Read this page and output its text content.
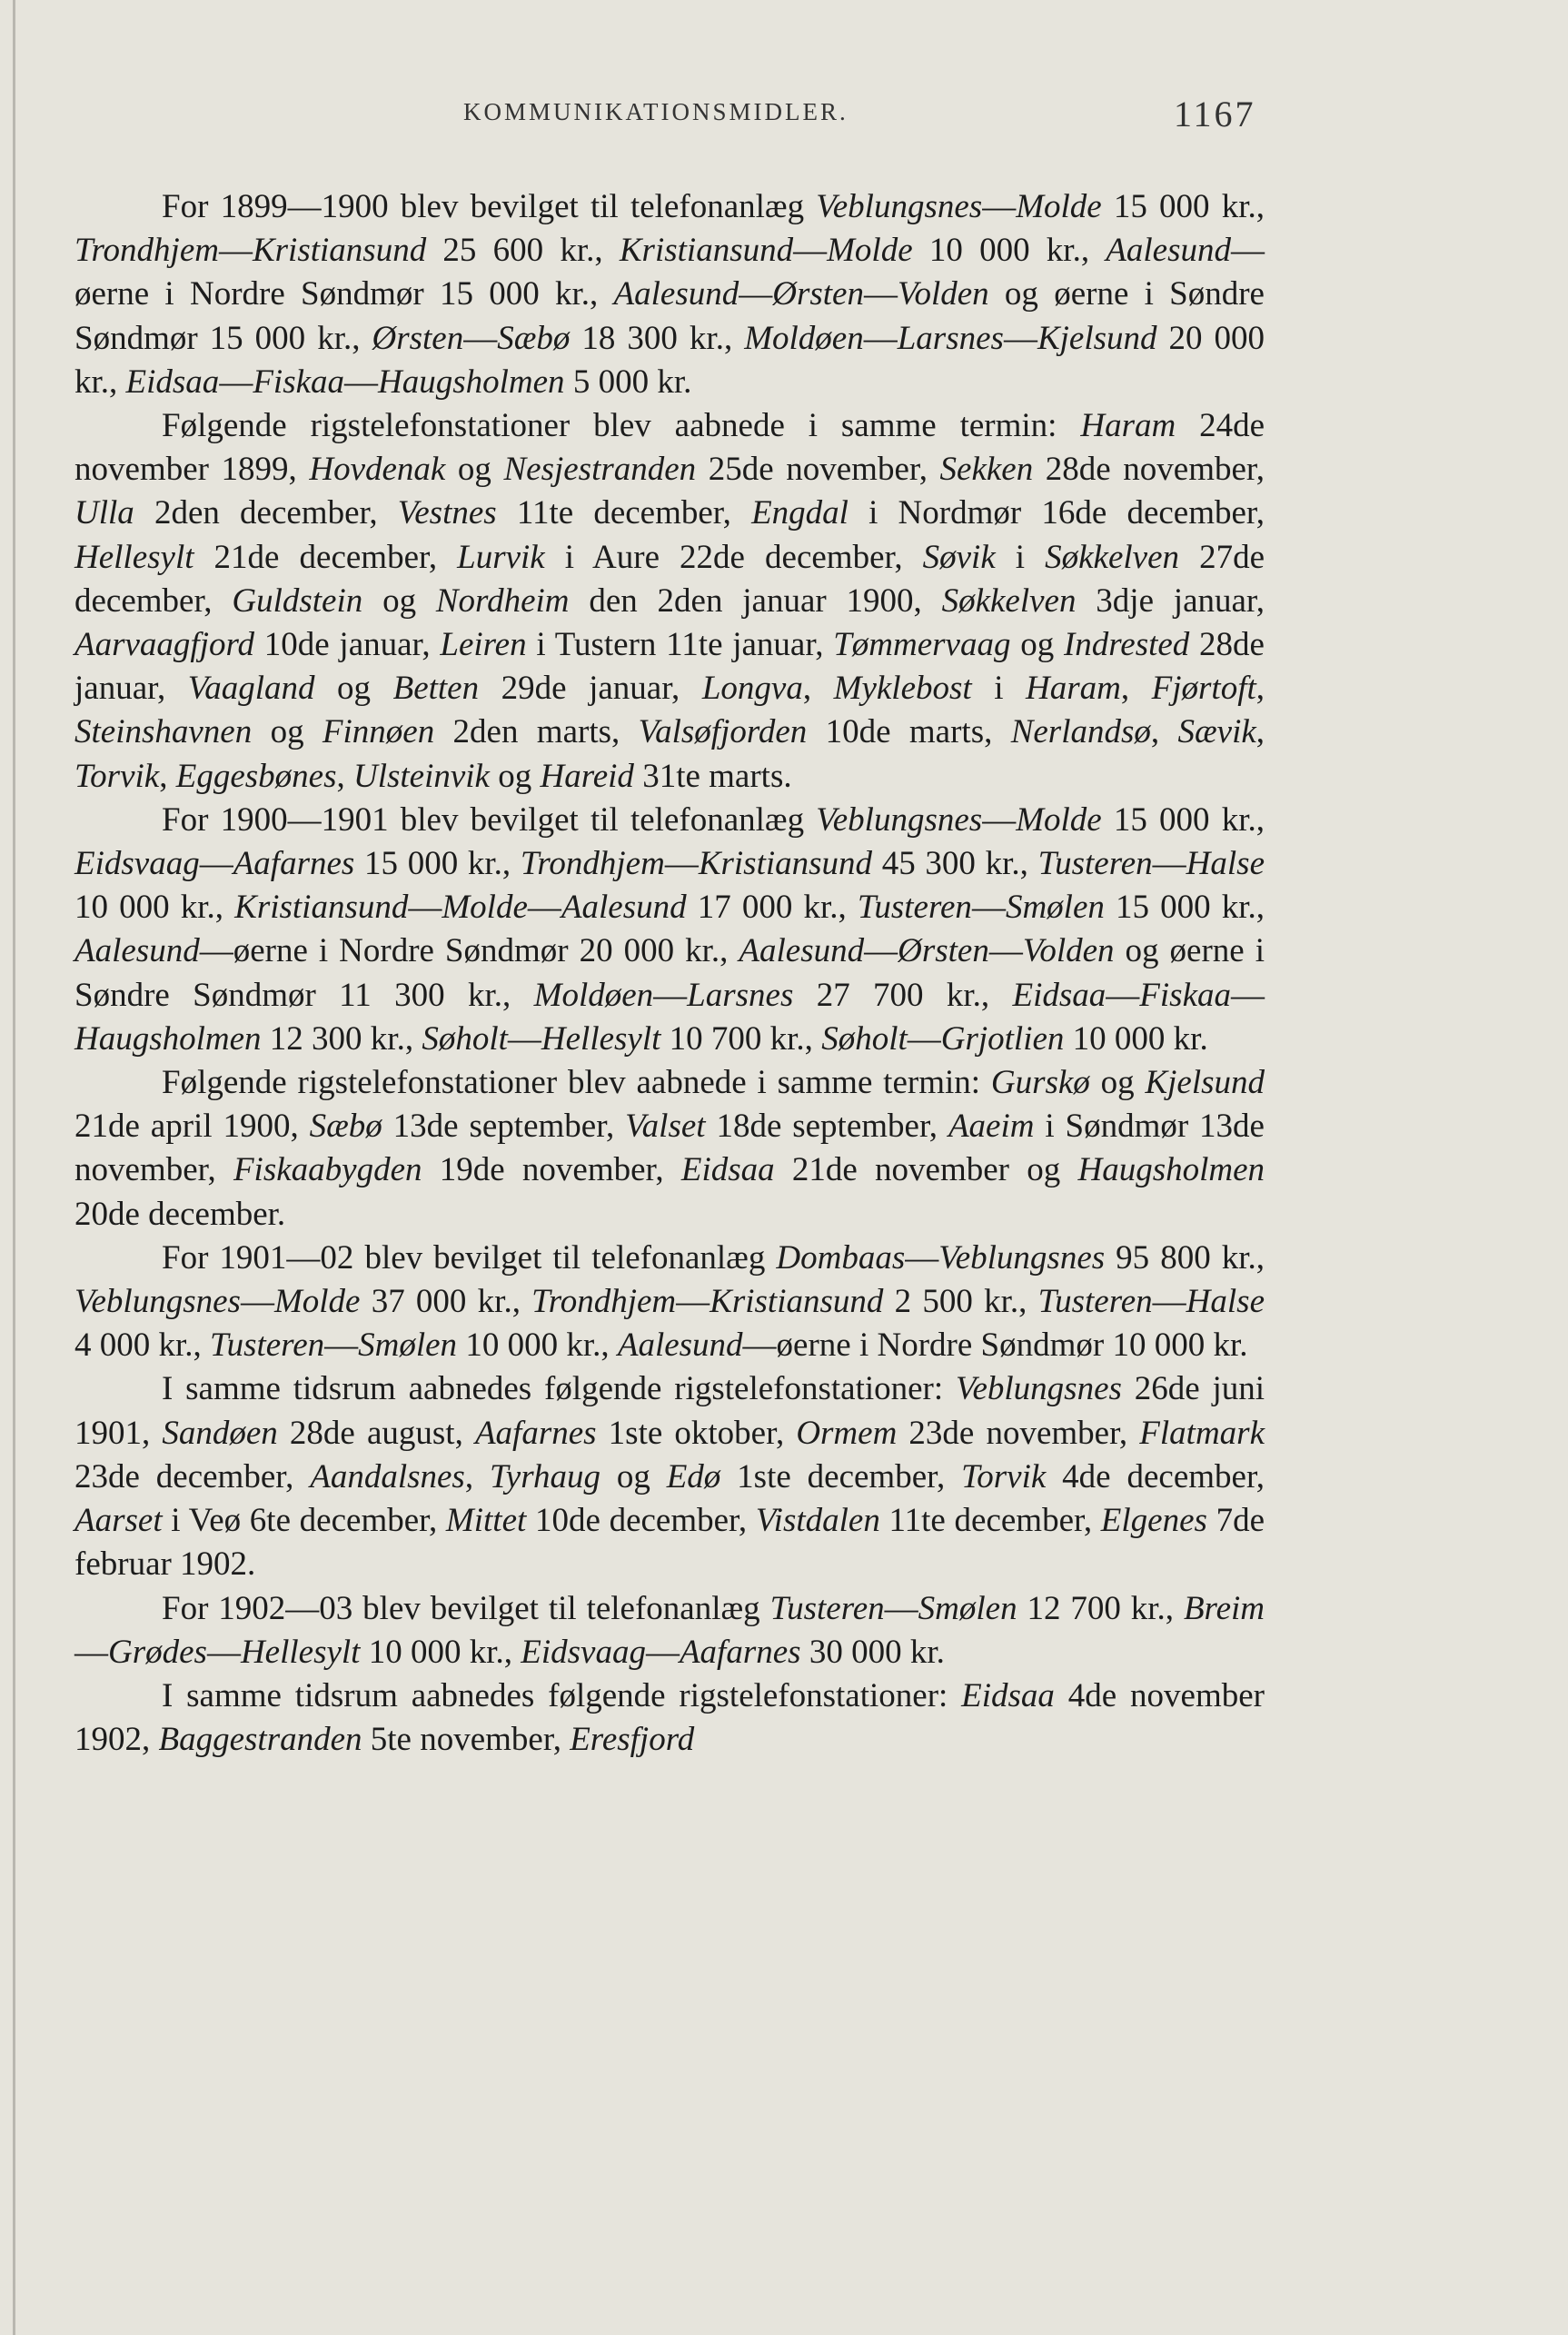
KOMMUNIKATIONSMIDLER.	1167

For 1899—1900 blev bevilget til telefonanlæg Veblungsnes—Molde 15 000 kr., Trondhjem—Kristiansund 25 600 kr., Kristiansund—Molde 10 000 kr., Aalesund—øerne i Nordre Søndmør 15 000 kr., Aalesund—Ørsten—Volden og øerne i Søndre Søndmør 15 000 kr., Ørsten—Sæbø 18 300 kr., Moldøen—Larsnes—Kjelsund 20 000 kr., Eidsaa—Fiskaa—Haugsholmen 5 000 kr.

Følgende rigstelefonstationer blev aabnede i samme termin: Haram 24de november 1899, Hovdenak og Nesjestranden 25de november, Sekken 28de november, Ulla 2den december, Vestnes 11te december, Engdal i Nordmør 16de december, Hellesylt 21de december, Lurvik i Aure 22de december, Søvik i Søkkelven 27de december, Guldstein og Nordheim den 2den januar 1900, Søkkelven 3dje januar, Aarvaagfjord 10de januar, Leiren i Tustern 11te januar, Tømmervaag og Indrested 28de januar, Vaagland og Betten 29de januar, Longva, Myklebost i Haram, Fjørtoft, Steinshavnen og Finnøen 2den marts, Valsøfjorden 10de marts, Nerlandsø, Sævik, Torvik, Eggesbønes, Ulsteinvik og Hareid 31te marts.

For 1900—1901 blev bevilget til telefonanlæg Veblungsnes—Molde 15 000 kr., Eidsvaag—Aafarnes 15 000 kr., Trondhjem—Kristiansund 45 300 kr., Tusteren—Halse 10 000 kr., Kristiansund—Molde—Aalesund 17 000 kr., Tusteren—Smølen 15 000 kr., Aalesund—øerne i Nordre Søndmør 20 000 kr., Aalesund—Ørsten—Volden og øerne i Søndre Søndmør 11 300 kr., Moldøen—Larsnes 27 700 kr., Eidsaa—Fiskaa—Haugsholmen 12 300 kr., Søholt—Hellesylt 10 700 kr., Søholt—Grjotlien 10 000 kr.

Følgende rigstelefonstationer blev aabnede i samme termin: Gurskø og Kjelsund 21de april 1900, Sæbø 13de september, Valset 18de september, Aaeim i Søndmør 13de november, Fiskaabygden 19de november, Eidsaa 21de november og Haugsholmen 20de december.

For 1901—02 blev bevilget til telefonanlæg Dombaas—Veblungsnes 95 800 kr., Veblungsnes—Molde 37 000 kr., Trondhjem—Kristiansund 2 500 kr., Tusteren—Halse 4 000 kr., Tusteren—Smølen 10 000 kr., Aalesund—øerne i Nordre Søndmør 10 000 kr.

I samme tidsrum aabnedes følgende rigstelefonstationer: Veblungsnes 26de juni 1901, Sandøen 28de august, Aafarnes 1ste oktober, Ormem 23de november, Flatmark 23de december, Aandalsnes, Tyrhaug og Edø 1ste december, Torvik 4de december, Aarset i Veø 6te december, Mittet 10de december, Vistdalen 11te december, Elgenes 7de februar 1902.

For 1902—03 blev bevilget til telefonanlæg Tusteren—Smølen 12 700 kr., Breim—Grødes—Hellesylt 10 000 kr., Eidsvaag—Aafarnes 30 000 kr.

I samme tidsrum aabnedes følgende rigstelefonstationer: Eidsaa 4de november 1902, Baggestranden 5te november, Eresfjord
